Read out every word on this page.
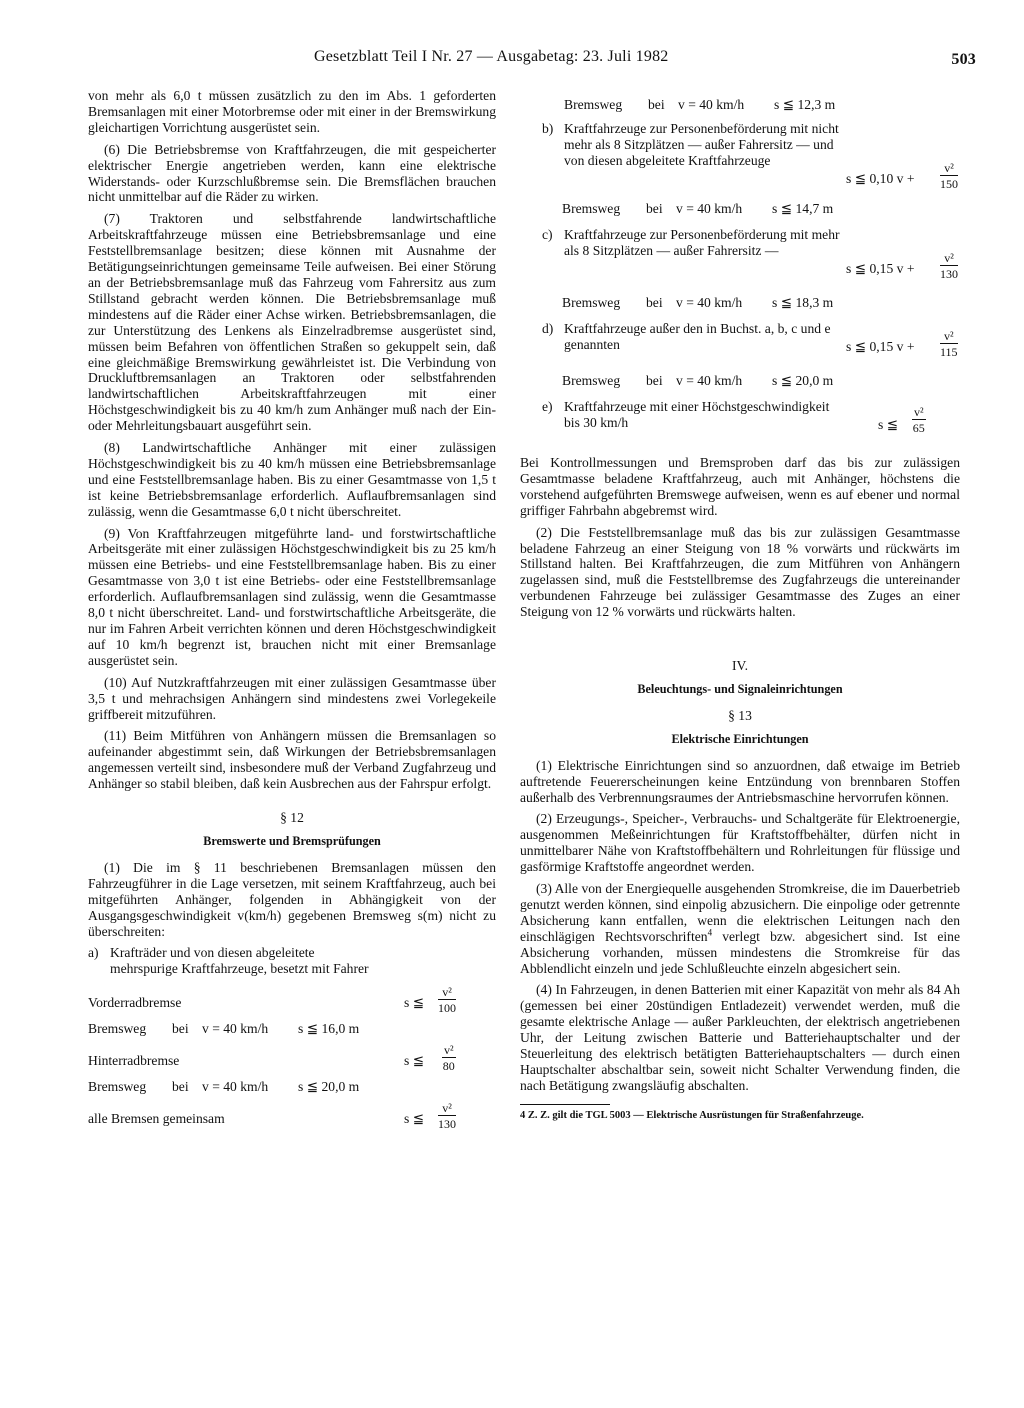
Gesetzblatt Teil I Nr. 27 — Ausgabetag: 23. Juli 1982	503

von mehr als 6,0 t müssen zusätzlich zu den im Abs. 1 geforderten Bremsanlagen mit einer Motorbremse oder mit einer in der Bremswirkung gleichartigen Vorrichtung ausgerüstet sein.

(6) Die Betriebsbremse von Kraftfahrzeugen, die mit gespeicherter elektrischer Energie angetrieben werden, kann eine elektrische Widerstands- oder Kurzschlußbremse sein. Die Bremsflächen brauchen nicht unmittelbar auf die Räder zu wirken.

(7) Traktoren und selbstfahrende landwirtschaftliche Arbeitskraftfahrzeuge müssen eine Betriebsbremsanlage und eine Feststellbremsanlage besitzen; diese können mit Ausnahme der Betätigungseinrichtungen gemeinsame Teile aufweisen. Bei einer Störung an der Betriebsbremsanlage muß das Fahrzeug vom Fahrersitz aus zum Stillstand gebracht werden können. Die Betriebsbremsanlage muß mindestens auf die Räder einer Achse wirken. Betriebsbremsanlagen, die zur Unterstützung des Lenkens als Einzelradbremse ausgerüstet sind, müssen beim Befahren von öffentlichen Straßen so gekuppelt sein, daß eine gleichmäßige Bremswirkung gewährleistet ist. Die Verbindung von Druckluftbremsanlagen an Traktoren oder selbstfahrenden landwirtschaftlichen Arbeitskraftfahrzeugen mit einer Höchstgeschwindigkeit bis zu 40 km/h zum Anhänger muß nach der Ein- oder Mehrleitungsbauart ausgeführt sein.

(8) Landwirtschaftliche Anhänger mit einer zulässigen Höchstgeschwindigkeit bis zu 40 km/h müssen eine Betriebsbremsanlage und eine Feststellbremsanlage haben. Bis zu einer Gesamtmasse von 1,5 t ist keine Betriebsbremsanlage erforderlich. Auflaufbremsanlagen sind zulässig, wenn die Gesamtmasse 6,0 t nicht überschreitet.

(9) Von Kraftfahrzeugen mitgeführte land- und forstwirtschaftliche Arbeitsgeräte mit einer zulässigen Höchstgeschwindigkeit bis zu 25 km/h müssen eine Betriebs- und eine Feststellbremsanlage haben. Bis zu einer Gesamtmasse von 3,0 t ist eine Betriebs- oder eine Feststellbremsanlage erforderlich. Auflaufbremsanlagen sind zulässig, wenn die Gesamtmasse 8,0 t nicht überschreitet. Land- und forstwirtschaftliche Arbeitsgeräte, die nur im Fahren Arbeit verrichten können und deren Höchstgeschwindigkeit auf 10 km/h begrenzt ist, brauchen nicht mit einer Bremsanlage ausgerüstet sein.

(10) Auf Nutzkraftfahrzeugen mit einer zulässigen Gesamtmasse über 3,5 t und mehrachsigen Anhängern sind mindestens zwei Vorlegekeile griffbereit mitzuführen.

(11) Beim Mitführen von Anhängern müssen die Bremsanlagen so aufeinander abgestimmt sein, daß Wirkungen der Betriebsbremsanlagen angemessen verteilt sind, insbesondere muß der Verband Zugfahrzeug und Anhänger so stabil bleiben, daß kein Ausbrechen aus der Fahrspur erfolgt.

§ 12
Bremswerte und Bremsprüfungen

(1) Die im § 11 beschriebenen Bremsanlagen müssen den Fahrzeugführer in die Lage versetzen, mit seinem Kraftfahrzeug, auch bei mitgeführten Anhänger, folgenden in Abhängigkeit von der Ausgangsgeschwindigkeit v(km/h) gegebenen Bremsweg s(m) nicht zu überschreiten:

a) Krafträder und von diesen abgeleitete mehrspurige Kraftfahrzeuge, besetzt mit Fahrer
Vorderradbremse	s ≦ $\frac{\text{v²}}{100}$
Bremsweg bei v = 40 km/h s ≦ 16,0 m
Hinterradbremse	s ≦ $\frac{\text{v²}}{80}$
Bremsweg bei v = 40 km/h s ≦ 20,0 m
alle Bremsen gemeinsam	s ≦ $\frac{\text{v²}}{130}$
Bremsweg bei v = 40 km/h s ≦ 12,3 m
b) Kraftfahrzeuge zur Personenbeförderung mit nicht mehr als 8 Sitzplätzen — außer Fahrersitz — und von diesen abgeleitete Kraftfahrzeuge
s ≦ 0,10 $v + \frac{\text{v²}}{150}$
Bremsweg bei v = 40 km/h s ≦ 14,7 m
c) Kraftfahrzeuge zur Personenbeförderung mit mehr als 8 Sitzplätzen — außer Fahrersitz —
s ≦ 0,15 $v + \frac{\text{v²}}{130}$
Bremsweg bei v = 40 km/h s ≦ 18,3 m
d) Kraftfahrzeuge außer den in Buchst. a, b, c und e genannten	s ≦ 0,15 $v + \frac{\text{v²}}{115}$
Bremsweg bei v = 40 km/h s ≦ 20,0 m
e) Kraftfahrzeuge mit einer Höchstgeschwindigkeit bis 30 km/h	s ≦ $\frac{\text{v²}}{65}$

Bei Kontrollmessungen und Bremsproben darf das bis zur zulässigen Gesamtmasse beladene Kraftfahrzeug, auch mit Anhänger, höchstens die vorstehend aufgeführten Bremswege aufweisen, wenn es auf ebener und normal griffiger Fahrbahn abgebremst wird.

(2) Die Feststellbremsanlage muß das bis zur zulässigen Gesamtmasse beladene Fahrzeug an einer Steigung von 18 % vorwärts und rückwärts im Stillstand halten. Bei Kraftfahrzeugen, die zum Mitführen von Anhängern zugelassen sind, muß die Feststellbremse des Zugfahrzeugs die untereinander verbundenen Fahrzeuge bei zulässiger Gesamtmasse des Zuges an einer Steigung von 12 % vorwärts und rückwärts halten.

IV.
Beleuchtungs- und Signaleinrichtungen
§ 13
Elektrische Einrichtungen

(1) Elektrische Einrichtungen sind so anzuordnen, daß etwaige im Betrieb auftretende Feuererscheinungen keine Entzündung von brennbaren Stoffen außerhalb des Verbrennungsraumes der Antriebsmaschine hervorrufen können.

(2) Erzeugungs-, Speicher-, Verbrauchs- und Schaltgeräte für Elektroenergie, ausgenommen Meßeinrichtungen für Kraftstoffbehälter, dürfen nicht in unmittelbarer Nähe von Kraftstoffbehältern und Rohrleitungen für flüssige und gasförmige Kraftstoffe angeordnet werden.

(3) Alle von der Energiequelle ausgehenden Stromkreise, die im Dauerbetrieb genutzt werden können, sind einpolig abzusichern. Die einpolige oder getrennte Absicherung kann entfallen, wenn die elektrischen Leitungen nach den einschlägigen Rechtsvorschriften$^4$ verlegt bzw. abgesichert sind. Ist eine Absicherung vorhanden, müssen mindestens die Stromkreise für das Abblendlicht einzeln und jede Schlußleuchte einzeln abgesichert sein.

(4) In Fahrzeugen, in denen Batterien mit einer Kapazität von mehr als 84 Ah (gemessen bei einer 20stündigen Entladezeit) verwendet werden, muß die gesamte elektrische Anlage — außer Parkleuchten, der elektrisch angetriebenen Uhr, der Leitung zwischen Batterie und Batteriehauptschalter und der Steuerleitung des elektrisch betätigten Batteriehauptschalters — durch einen Hauptschalter abschaltbar sein, soweit nicht Schalter Verwendung finden, die nach Betätigung zwangsläufig abschalten.

4 Z. Z. gilt die TGL 5003 — Elektrische Ausrüstungen für Straßenfahrzeuge.
